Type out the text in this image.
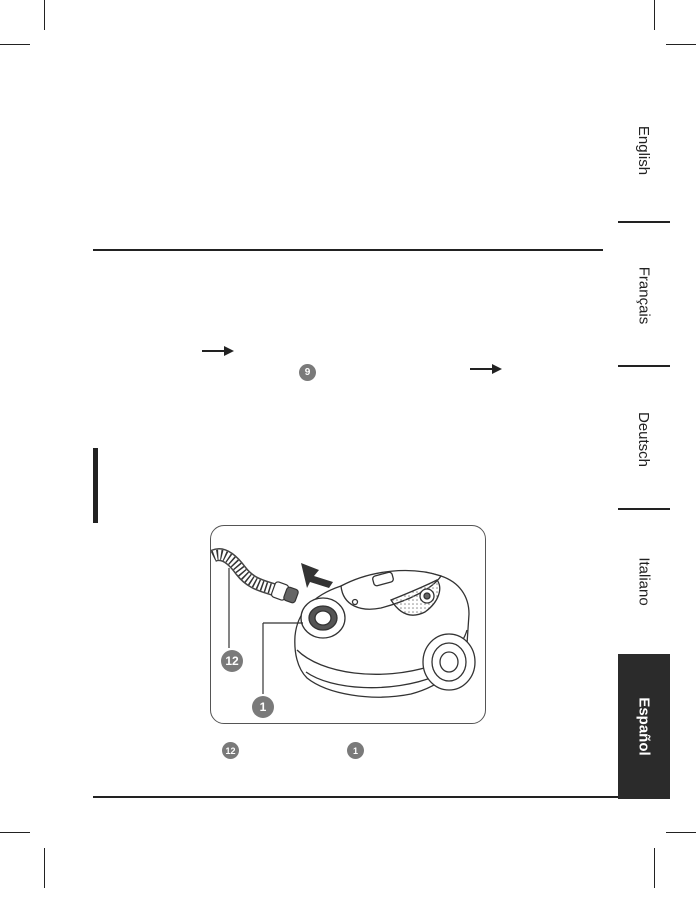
English
Français
Deutsch
Italiano
Español
9
12
1
12	1
